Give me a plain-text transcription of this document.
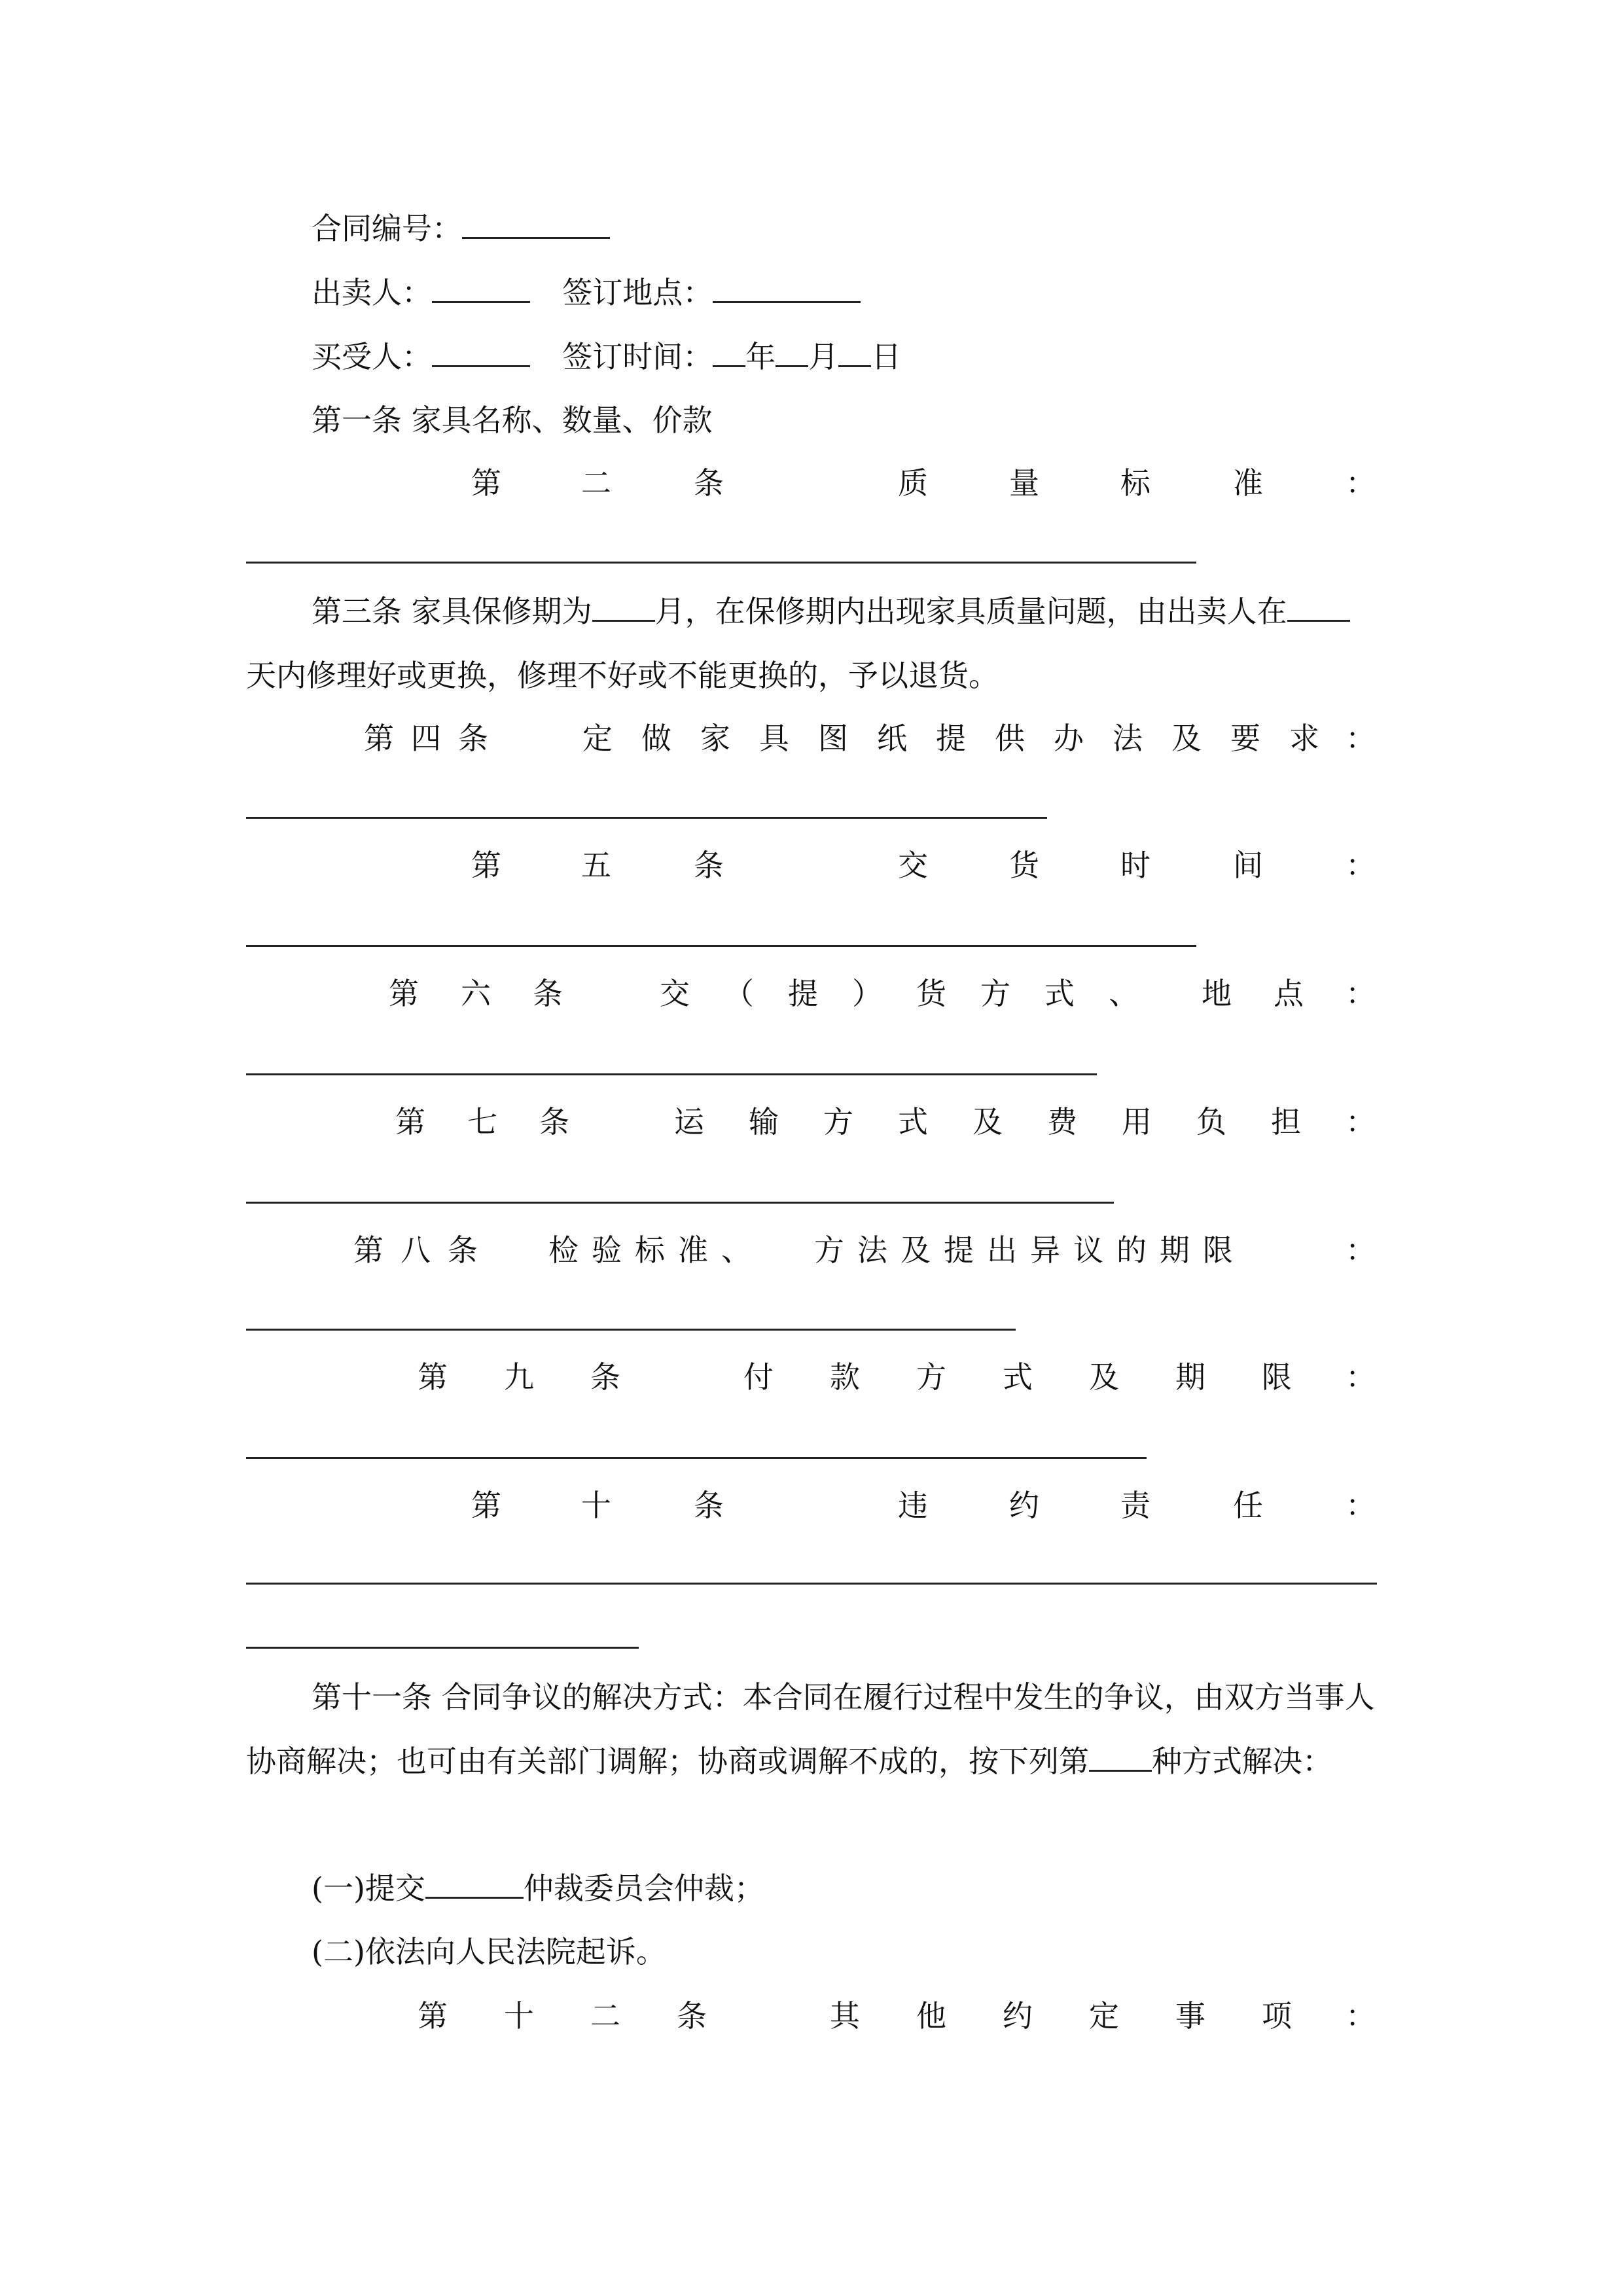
合同编号：
出卖人：	签订地点：
买受人：	签订时间： 年 月 日
第一条 家具名称、数量、价款
第	二	条	质	量	标	准	：
第三条 家具保修期为 月，在保修期内出现家具质量问题，由出卖人在天内修理好或更换，修理不好或不能更换的，予以退货。
第 四 条	定 做 家 具 图 纸 提 供 办 法 及 要 求 ：
第	五	条	交	货	时	间	：
第 六 条	交 （ 提 ） 货 方 式 、 地 点 ：
第 七 条	运 输 方 式 及 费 用 负 担 ：
第 八 条 检 验 标 准 、 方 法 及 提 出 异 议 的 期 限	：
第 九 条	付 款 方 式 及 期 限 ：
第	十	条	违	约	责	任	：
第十一条 合同争议的解决方式：本合同在履行过程中发生的争议，由双方当事人协商解决；也可由有关部门调解；协商或调解不成的，按下列第 种方式解决：
(一)提交	仲裁委员会仲裁；
(二)依法向人民法院起诉。
第 十 二 条	其 他 约 定 事 项 ：
